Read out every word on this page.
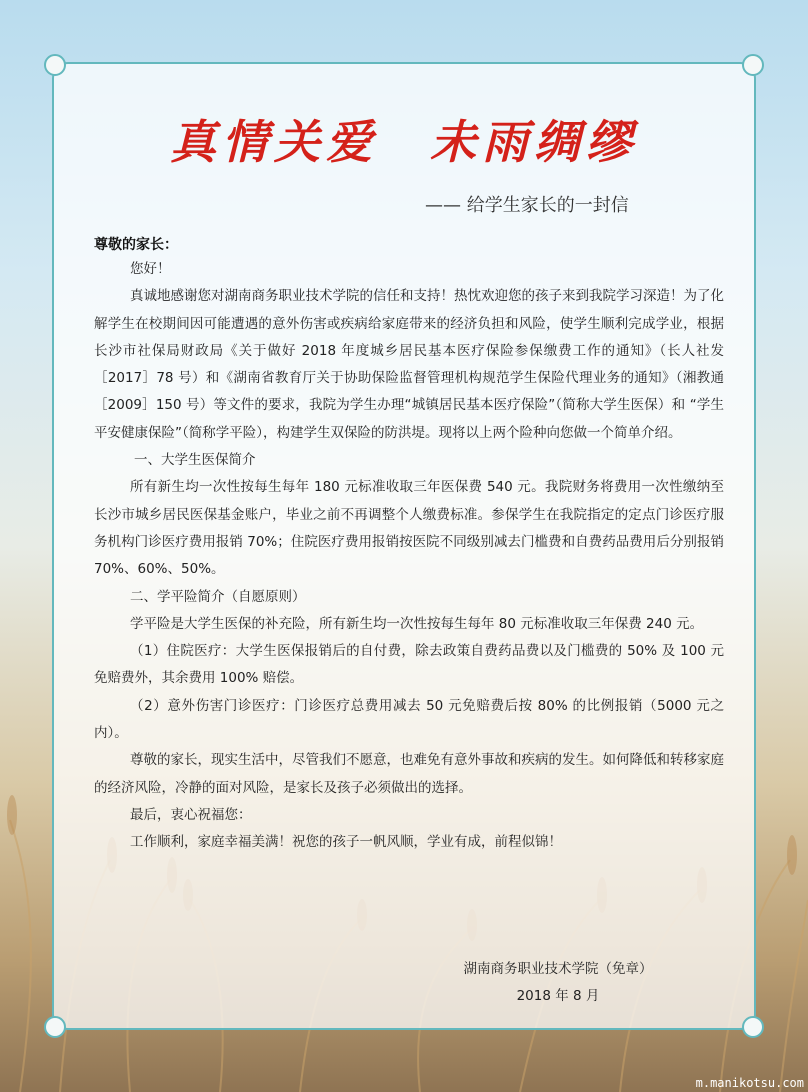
真情关爱　未雨绸缪
—— 给学生家长的一封信
尊敬的家长：

您好！

真诚地感谢您对湖南商务职业技术学院的信任和支持！热忱欢迎您的孩子来到我院学习深造！为了化解学生在校期间因可能遭遇的意外伤害或疾病给家庭带来的经济负担和风险，使学生顺利完成学业，根据长沙市社保局财政局《关于做好 2018 年度城乡居民基本医疗保险参保缴费工作的通知》（长人社发［2017］78 号）和《湖南省教育厅关于协助保险监督管理机构规范学生保险代理业务的通知》（湘教通［2009］150 号）等文件的要求，我院为学生办理“城镇居民基本医疗保险”（简称大学生医保）和 “学生平安健康保险”（简称学平险），构建学生双保险的防洪堤。现将以上两个险种向您做一个简单介绍。

一、大学生医保简介

所有新生均一次性按每生每年 180 元标准收取三年医保费 540 元。我院财务将费用一次性缴纳至长沙市城乡居民医保基金账户，毕业之前不再调整个人缴费标准。参保学生在我院指定的定点门诊医疗服务机构门诊医疗费用报销 70%；住院医疗费用报销按医院不同级别减去门槛费和自费药品费用后分别报销 70%、60%、50%。

二、学平险简介（自愿原则）

学平险是大学生医保的补充险，所有新生均一次性按每生每年 80 元标准收取三年保费 240 元。

（1）住院医疗：大学生医保报销后的自付费，除去政策自费药品费以及门槛费的 50% 及 100 元免赔费外，其余费用 100% 赔偿。

（2）意外伤害门诊医疗：门诊医疗总费用减去 50 元免赔费后按 80% 的比例报销（5000 元之内）。

尊敬的家长，现实生活中，尽管我们不愿意，也难免有意外事故和疾病的发生。如何降低和转移家庭的经济风险，冷静的面对风险，是家长及孩子必须做出的选择。

最后，衷心祝福您：

工作顺利，家庭幸福美满！祝您的孩子一帆风顺，学业有成，前程似锦！

湖南商务职业技术学院（免章）
2018 年 8 月
m.manikotsu.com
